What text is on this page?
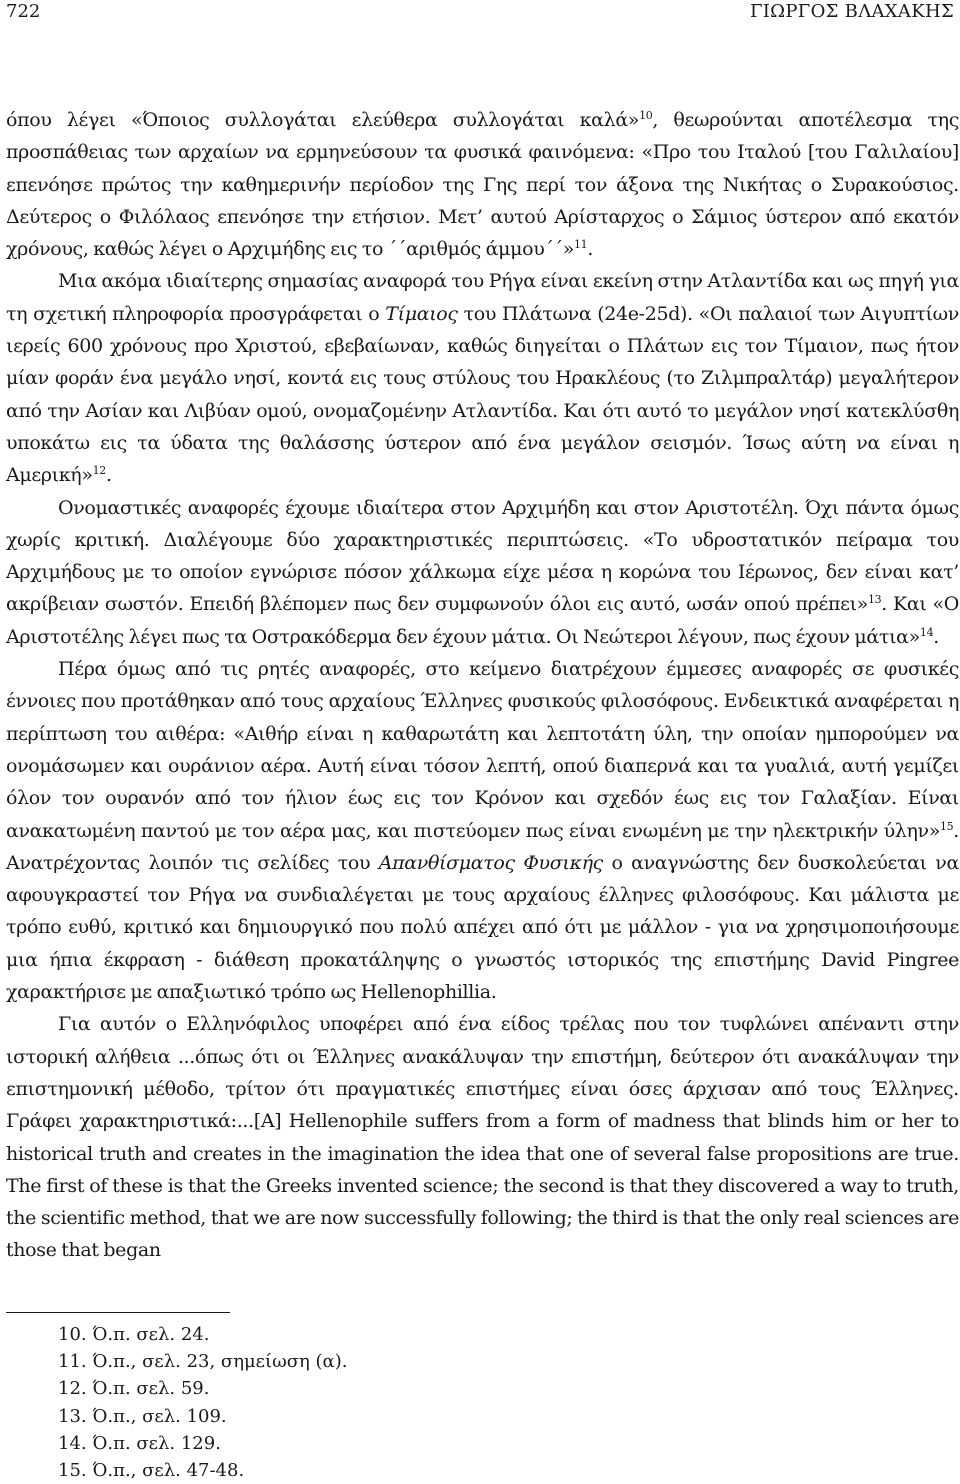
722	ΓΙΩΡΓΟΣ ΒΛΑΧΑΚΗΣ

όπου λέγει «Όποιος συλλογάται ελεύθερα συλλογάται καλά»$^{10}$, θεωρούνται αποτέλεσμα της προσπάθειας των αρχαίων να ερμηνεύσουν τα φυσικά φαινόμενα: «Προ του Ιταλού [του Γαλιλαίου] επενόησε πρώτος την καθημερινήν περίοδον της Γης περί τον άξονα της Νικήτας ο Συρακούσιος. Δεύτερος ο Φιλόλαος επενόησε την ετήσιον. Μετ’ αυτού Αρίσταρχος ο Σάμιος ύστερον από εκατόν χρόνους, καθώς λέγει ο Αρχιμήδης εις το ΄΄αριθμός άμμου΄΄»$^{11}$.

Μια ακόμα ιδιαίτερης σημασίας αναφορά του Ρήγα είναι εκείνη στην Ατλαντίδα και ως πηγή για τη σχετική πληροφορία προσγράφεται ο Τίμαιος του Πλάτωνα (24e-25d). «Οι παλαιοί των Αιγυπτίων ιερείς 600 χρόνους προ Χριστού, εβεβαίωναν, καθώς διηγείται ο Πλάτων εις τον Τίμαιον, πως ήτον μίαν φοράν ένα μεγάλο νησί, κοντά εις τους στύλους του Ηρακλέους (το Ζιλμπραλτάρ) μεγαλήτερον από την Ασίαν και Λιβύαν ομού, ονομαζομένην Ατλαντίδα. Και ότι αυτό το μεγάλον νησί κατεκλύσθη υποκάτω εις τα ύδατα της θαλάσσης ύστερον από ένα μεγάλον σεισμόν. Ίσως αύτη να είναι η Αμερική»$^{12}$.

Ονομαστικές αναφορές έχουμε ιδιαίτερα στον Αρχιμήδη και στον Αριστοτέλη. Όχι πάντα όμως χωρίς κριτική. Διαλέγουμε δύο χαρακτηριστικές περιπτώσεις. «Το υδροστατικόν πείραμα του Αρχιμήδους με το οποίον εγνώρισε πόσον χάλκωμα είχε μέσα η κορώνα του Ιέρωνος, δεν είναι κατ’ ακρίβειαν σωστόν. Επειδή βλέπομεν πως δεν συμφωνούν όλοι εις αυτό, ωσάν οπού πρέπει»$^{13}$. Και «Ο Αριστοτέλης λέγει πως τα Οστρακόδερμα δεν έχουν μάτια. Οι Νεώτεροι λέγουν, πως έχουν μάτια»$^{14}$.

Πέρα όμως από τις ρητές αναφορές, στο κείμενο διατρέχουν έμμεσες αναφορές σε φυσικές έννοιες που προτάθηκαν από τους αρχαίους Έλληνες φυσικούς φιλοσόφους. Ενδεικτικά αναφέρεται η περίπτωση του αιθέρα: «Αιθήρ είναι η καθαρωτάτη και λεπτοτάτη ύλη, την οποίαν ημπορούμεν να ονομάσωμεν και ουράνιον αέρα. Αυτή είναι τόσον λεπτή, οπού διαπερνά και τα γυαλιά, αυτή γεμίζει όλον τον ουρανόν από τον ήλιον έως εις τον Κρόνον και σχεδόν έως εις τον Γαλαξίαν. Είναι ανακατωμένη παντού με τον αέρα μας, και πιστεύομεν πως είναι ενωμένη με την ηλεκτρικήν ύλην»$^{15}$. Ανατρέχοντας λοιπόν τις σελίδες του Απανθίσματος Φυσικής ο αναγνώστης δεν δυσκολεύεται να αφουγκραστεί τον Ρήγα να συνδιαλέγεται με τους αρχαίους έλληνες φιλοσόφους. Και μάλιστα με τρόπο ευθύ, κριτικό και δημιουργικό που πολύ απέχει από ότι με μάλλον - για να χρησιμοποιήσουμε μια ήπια έκφραση - διάθεση προκατάληψης ο γνωστός ιστορικός της επιστήμης David Pingree χαρακτήρισε με απαξιωτικό τρόπο ως Hellenophillia.

Για αυτόν ο Ελληνόφιλος υποφέρει από ένα είδος τρέλας που τον τυφλώνει απέναντι στην ιστορική αλήθεια ...όπως ότι οι Έλληνες ανακάλυψαν την επιστήμη, δεύτερον ότι ανακάλυψαν την επιστημονική μέθοδο, τρίτον ότι πραγματικές επιστήμες είναι όσες άρχισαν από τους Έλληνες. Γράφει χαρακτηριστικά:...[A] Hellenophile suffers from a form of madness that blinds him or her to historical truth and creates in the imagination the idea that one of several false propositions are true. The first of these is that the Greeks invented science; the second is that they discovered a way to truth, the scientific method, that we are now successfully following; the third is that the only real sciences are those that began

10. Ό.π. σελ. 24.
11. Ό.π., σελ. 23, σημείωση (α).
12. Ό.π. σελ. 59.
13. Ό.π., σελ. 109.
14. Ό.π. σελ. 129.
15. Ό.π., σελ. 47-48.
